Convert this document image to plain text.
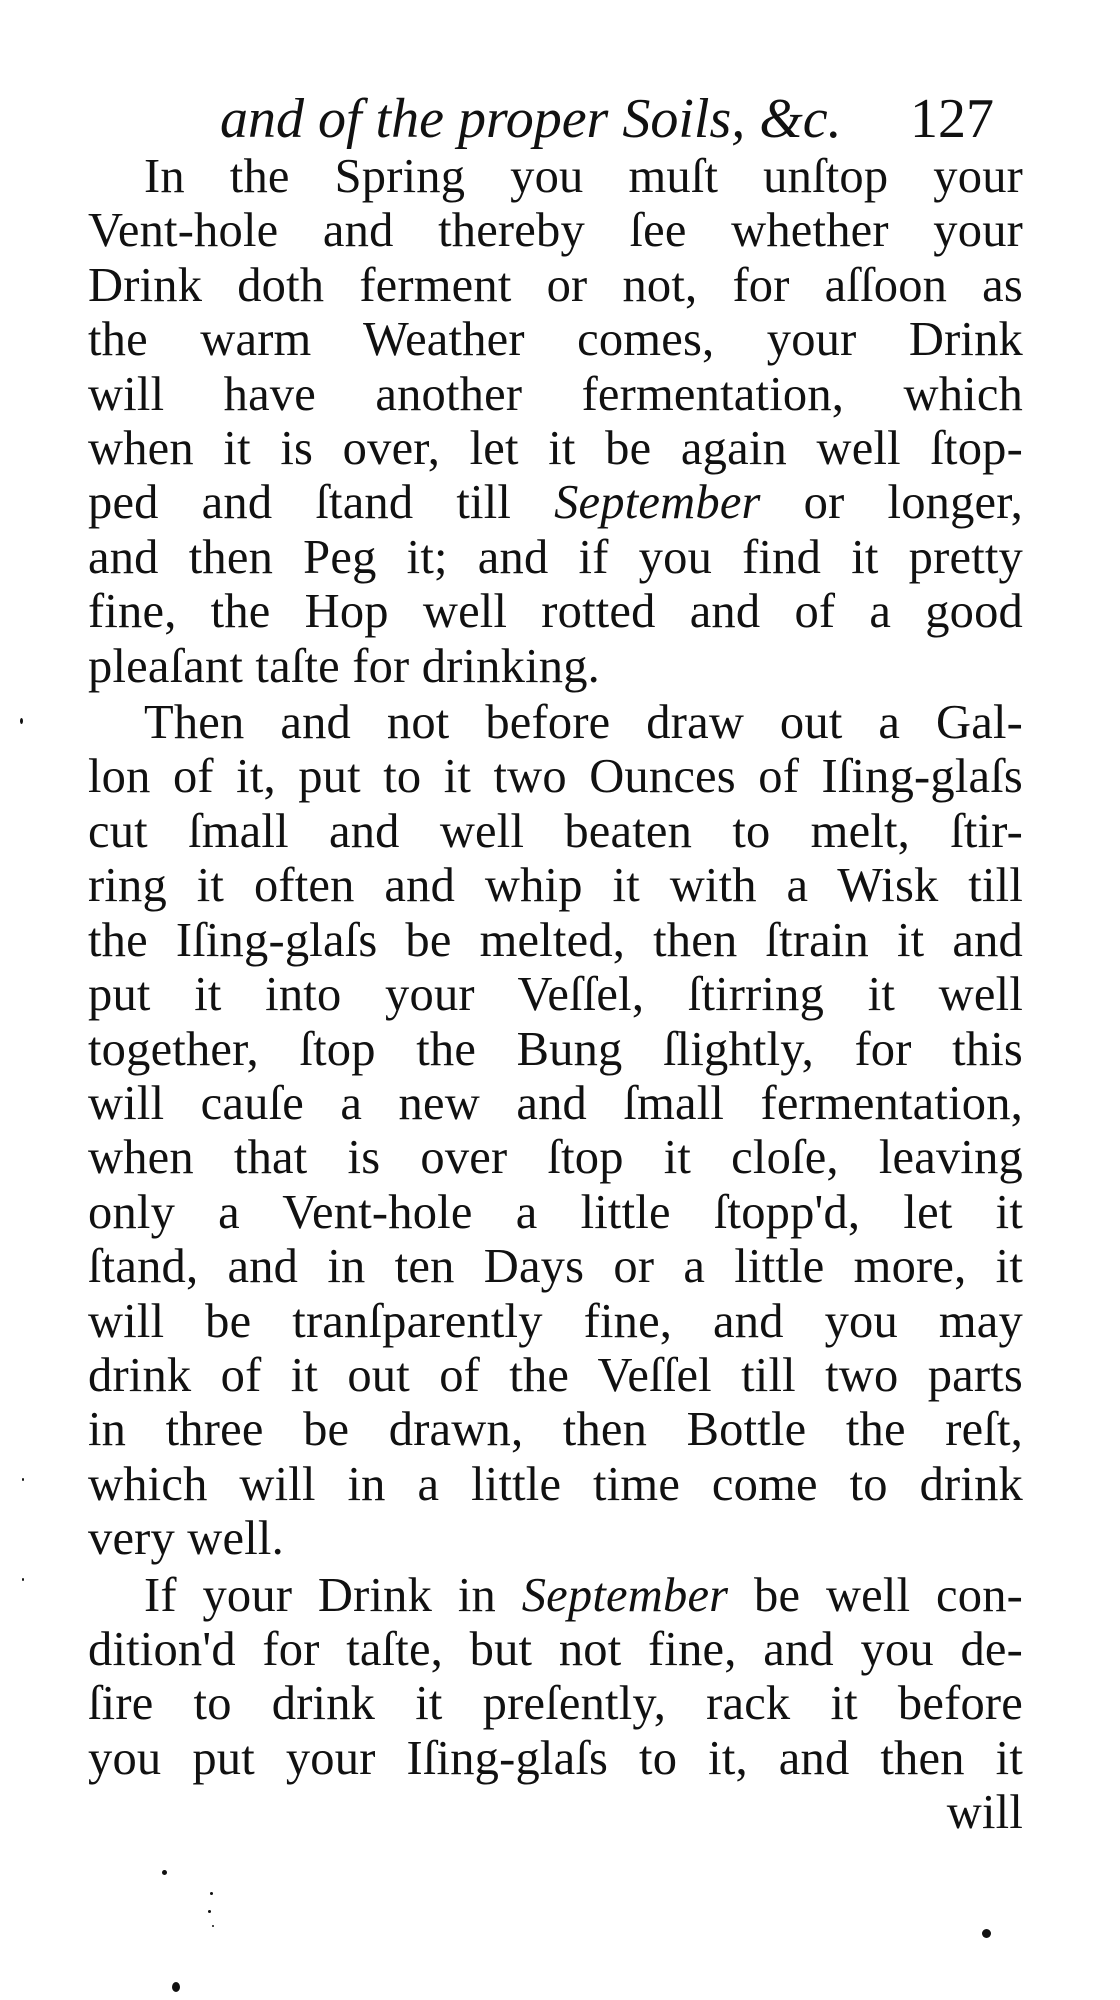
and of the proper Soils, &c. 127
In the Spring you muſt unſtop your
Vent-hole and thereby ſee whether your
Drink doth ferment or not, for aſſoon as
the warm Weather comes, your Drink
will have another fermentation, which
when it is over, let it be again well ſtop-
ped and ſtand till September or longer,
and then Peg it; and if you find it pretty
fine, the Hop well rotted and of a good
pleaſant taſte for drinking.
Then and not before draw out a Gal-
lon of it, put to it two Ounces of Iſing-glaſs
cut ſmall and well beaten to melt, ſtir-
ring it often and whip it with a Wisk till
the Iſing-glaſs be melted, then ſtrain it and
put it into your Veſſel, ſtirring it well
together, ſtop the Bung ſlightly, for this
will cauſe a new and ſmall fermentation,
when that is over ſtop it cloſe, leaving
only a Vent-hole a little ſtopp'd, let it
ſtand, and in ten Days or a little more, it
will be tranſparently fine, and you may
drink of it out of the Veſſel till two parts
in three be drawn, then Bottle the reſt,
which will in a little time come to drink
very well.
If your Drink in September be well con-
dition'd for taſte, but not fine, and you de-
ſire to drink it preſently, rack it before
you put your Iſing-glaſs to it, and then it
will
